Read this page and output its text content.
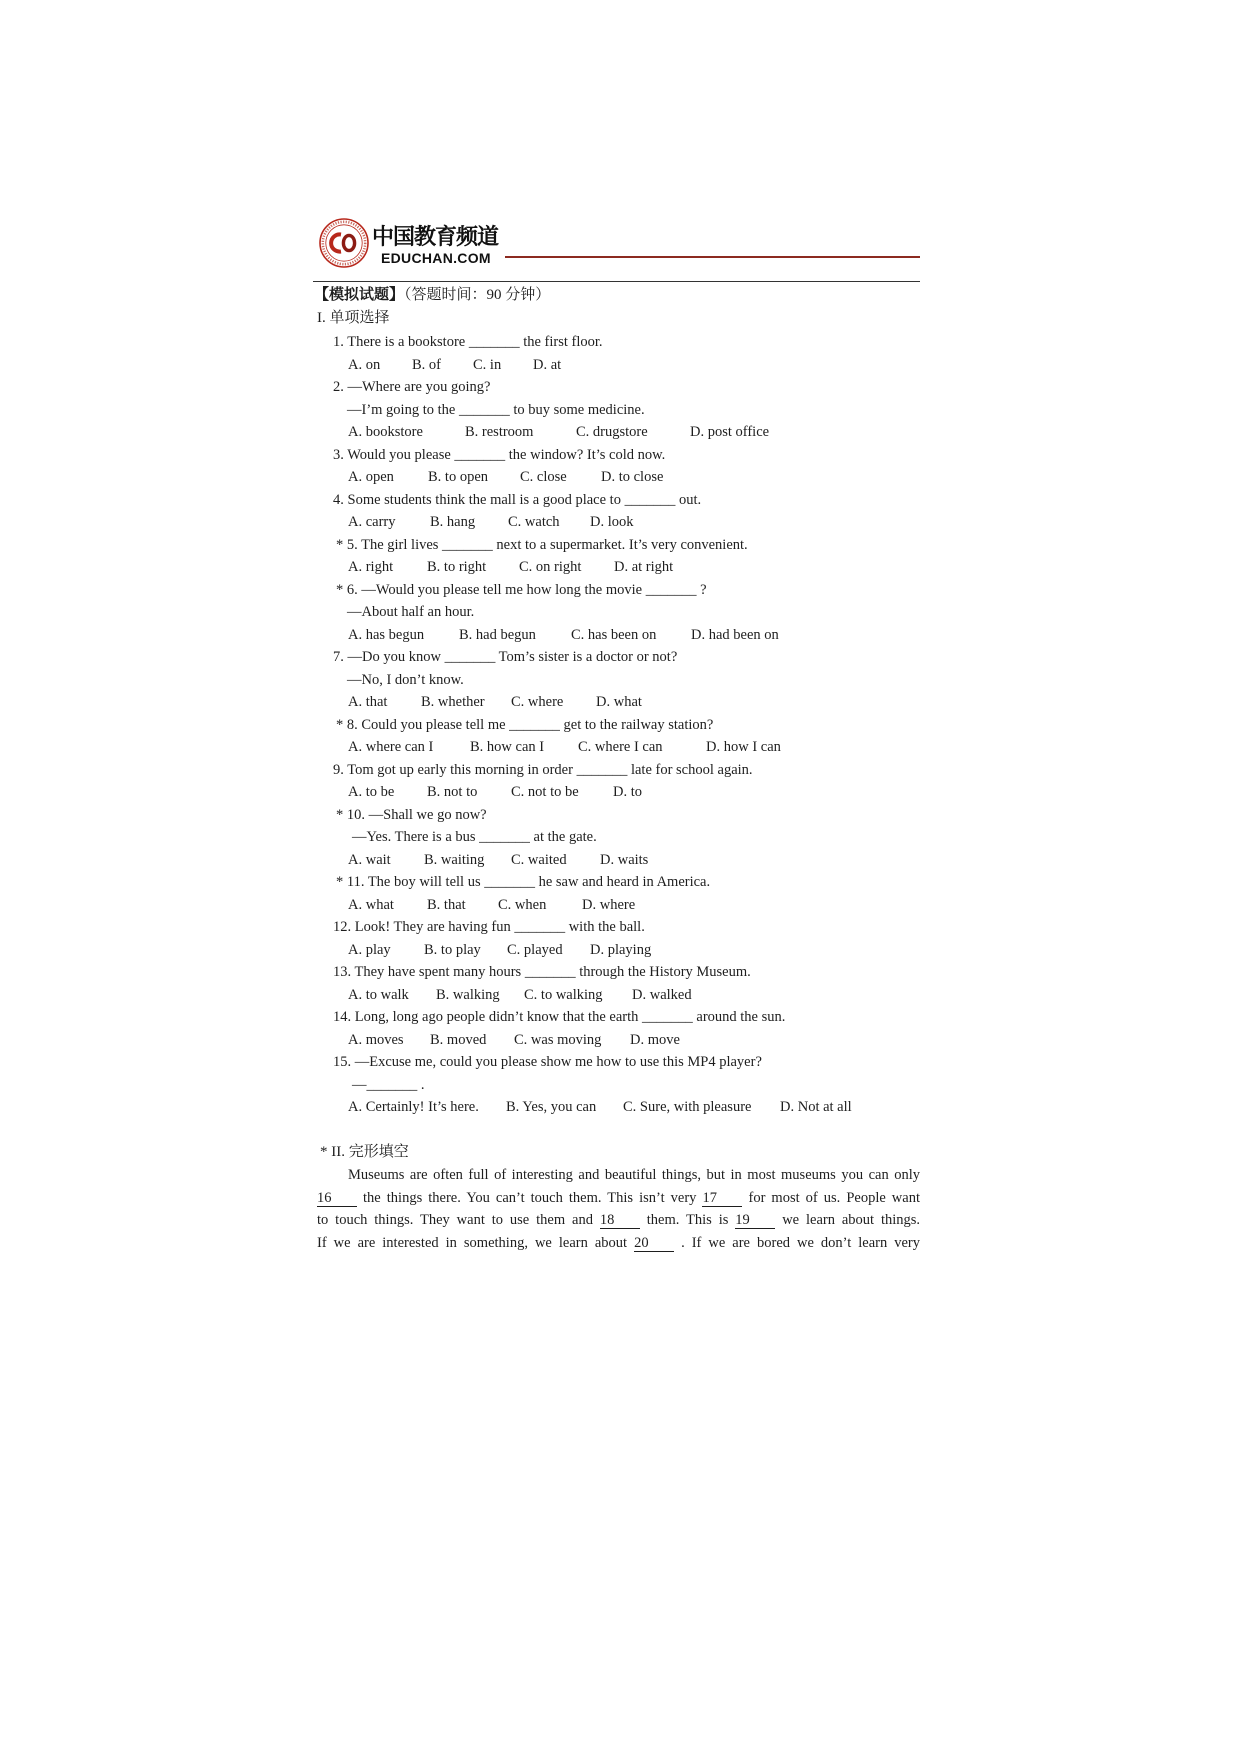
中国教育频道
EDUCHAN.COM
【模拟试题】（答题时间：90 分钟）
I. 单项选择
1. There is a bookstore _______ the first floor.
A. on B. of C. in D. at
2. —Where are you going?
—I’m going to the _______ to buy some medicine.
A. bookstore	B. restroom	C. drugstore	D. post office
3. Would you please _______ the window? It’s cold now.
A. open B. to open C. close D. to close
4. Some students think the mall is a good place to _______ out.
A. carry B. hang C. watch D. look
* 5. The girl lives _______ next to a supermarket. It’s very convenient.
A. right B. to right C. on right D. at right
* 6. —Would you please tell me how long the movie _______ ?
—About half an hour.
A. has begun B. had begun C. has been on D. had been on
7. —Do you know _______ Tom’s sister is a doctor or not?
—No, I don’t know.
A. that B. whether C. where D. what
* 8. Could you please tell me _______ get to the railway station?
A. where can I	B. how can I C. where I can	D. how I can
9. Tom got up early this morning in order _______ late for school again.
A. to be B. not to C. not to be D. to
* 10. —Shall we go now?
—Yes. There is a bus _______ at the gate.
A. wait B. waiting C. waited D. waits
* 11. The boy will tell us _______ he saw and heard in America.
A. what B. that C. when D. where
12. Look! They are having fun _______ with the ball.
A. play B. to play C. played D. playing
13. They have spent many hours _______ through the History Museum.
A. to walk B. walking C. to walking D. walked
14. Long, long ago people didn’t know that the earth _______ around the sun.
A. moves B. moved C. was moving D. move
15. —Excuse me, could you please show me how to use this MP4 player?
—_______ .
A. Certainly! It’s here. B. Yes, you can C. Sure, with pleasure D. Not at all
* II. 完形填空
Museums are often full of interesting and beautiful things, but in most museums you can only
16 the things there. You can’t touch them. This isn’t very 17 for most of us. People want
to touch things. They want to use them and 18 them. This is 19 we learn about things.
If we are interested in something, we learn about 20 . If we are bored we don’t learn very
